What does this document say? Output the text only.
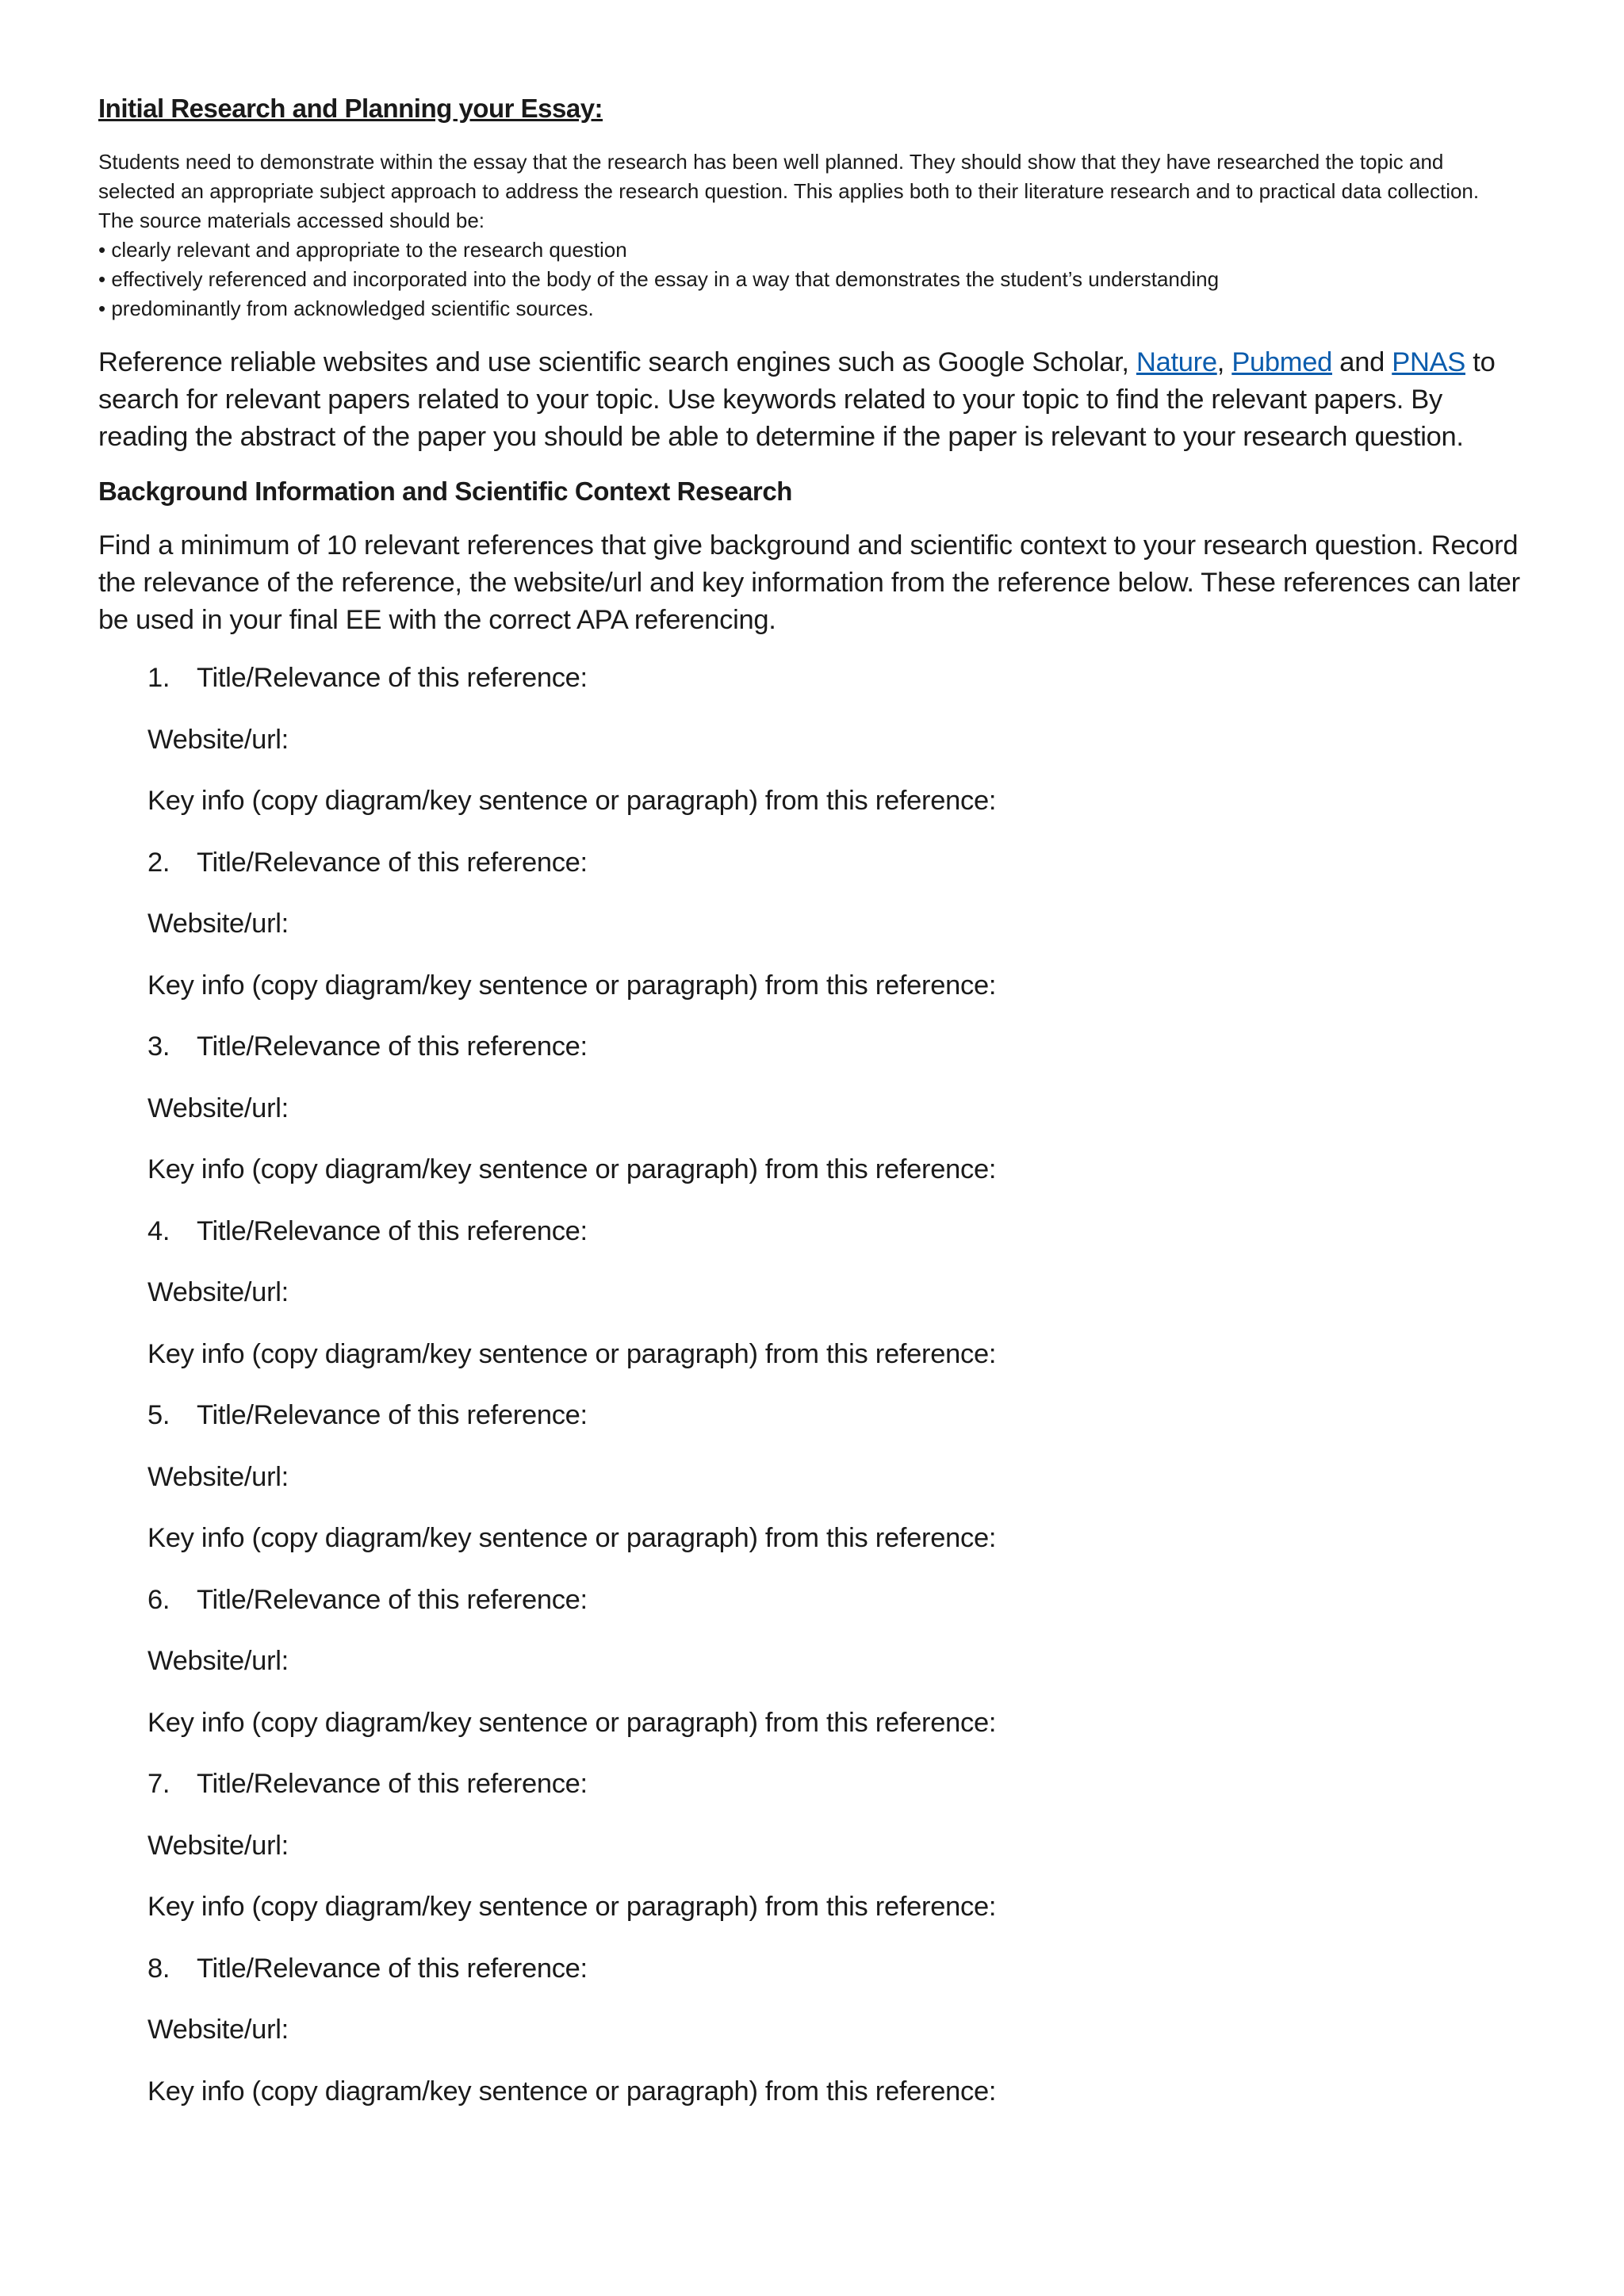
Initial Research and Planning your Essay:
Students need to demonstrate within the essay that the research has been well planned. They should show that they have researched the topic and selected an appropriate subject approach to address the research question. This applies both to their literature research and to practical data collection.
The source materials accessed should be:
• clearly relevant and appropriate to the research question
• effectively referenced and incorporated into the body of the essay in a way that demonstrates the student’s understanding
• predominantly from acknowledged scientific sources.

Reference reliable websites and use scientific search engines such as Google Scholar, Nature, Pubmed and PNAS to search for relevant papers related to your topic. Use keywords related to your topic to find the relevant papers. By reading the abstract of the paper you should be able to determine if the paper is relevant to your research question.

Background Information and Scientific Context Research

Find a minimum of 10 relevant references that give background and scientific context to your research question. Record the relevance of the reference, the website/url and key information from the reference below. These references can later be used in your final EE with the correct APA referencing.

1. Title/Relevance of this reference:
Website/url:
Key info (copy diagram/key sentence or paragraph) from this reference:
2. Title/Relevance of this reference:
Website/url:
Key info (copy diagram/key sentence or paragraph) from this reference:
3. Title/Relevance of this reference:
Website/url:
Key info (copy diagram/key sentence or paragraph) from this reference:
4. Title/Relevance of this reference:
Website/url:
Key info (copy diagram/key sentence or paragraph) from this reference:
5. Title/Relevance of this reference:
Website/url:
Key info (copy diagram/key sentence or paragraph) from this reference:
6. Title/Relevance of this reference:
Website/url:
Key info (copy diagram/key sentence or paragraph) from this reference:
7. Title/Relevance of this reference:
Website/url:
Key info (copy diagram/key sentence or paragraph) from this reference:
8. Title/Relevance of this reference:
Website/url:
Key info (copy diagram/key sentence or paragraph) from this reference:
